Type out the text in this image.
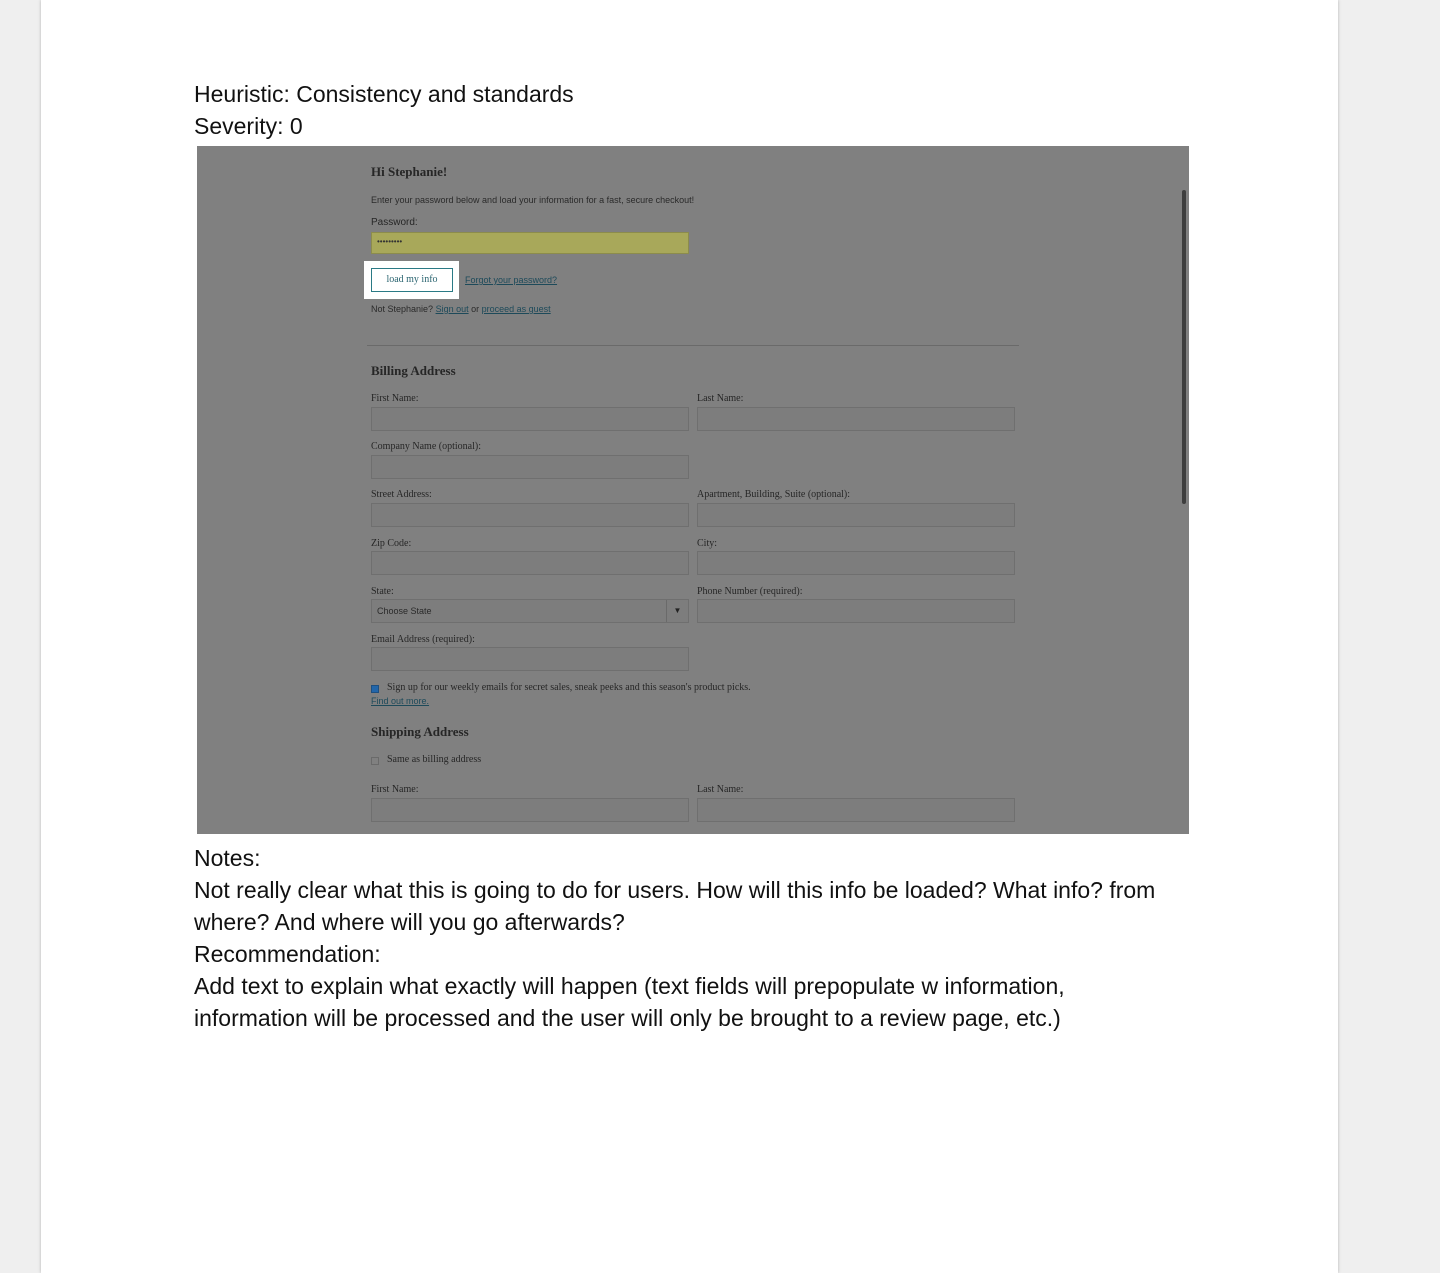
Heuristic: Consistency and standards
Severity: 0
Hi Stephanie!
Enter your password below and load your information for a fast, secure checkout!
Password:
•••••••••
load my info	Forgot your password?
Not Stephanie? Sign out or proceed as guest
Billing Address
First Name:	Last Name:
Company Name (optional):
Street Address:	Apartment, Building, Suite (optional):
Zip Code:	City:
State:	Phone Number (required):
Choose State	▼
Email Address (required):
Sign up for our weekly emails for secret sales, sneak peeks and this season's product picks.
Find out more.
Shipping Address
Same as billing address
First Name:	Last Name:
Notes:
Not really clear what this is going to do for users. How will this info be loaded? What info? from
where? And where will you go afterwards?
Recommendation:
Add text to explain what exactly will happen (text fields will prepopulate w information,
information will be processed and the user will only be brought to a review page, etc.)
